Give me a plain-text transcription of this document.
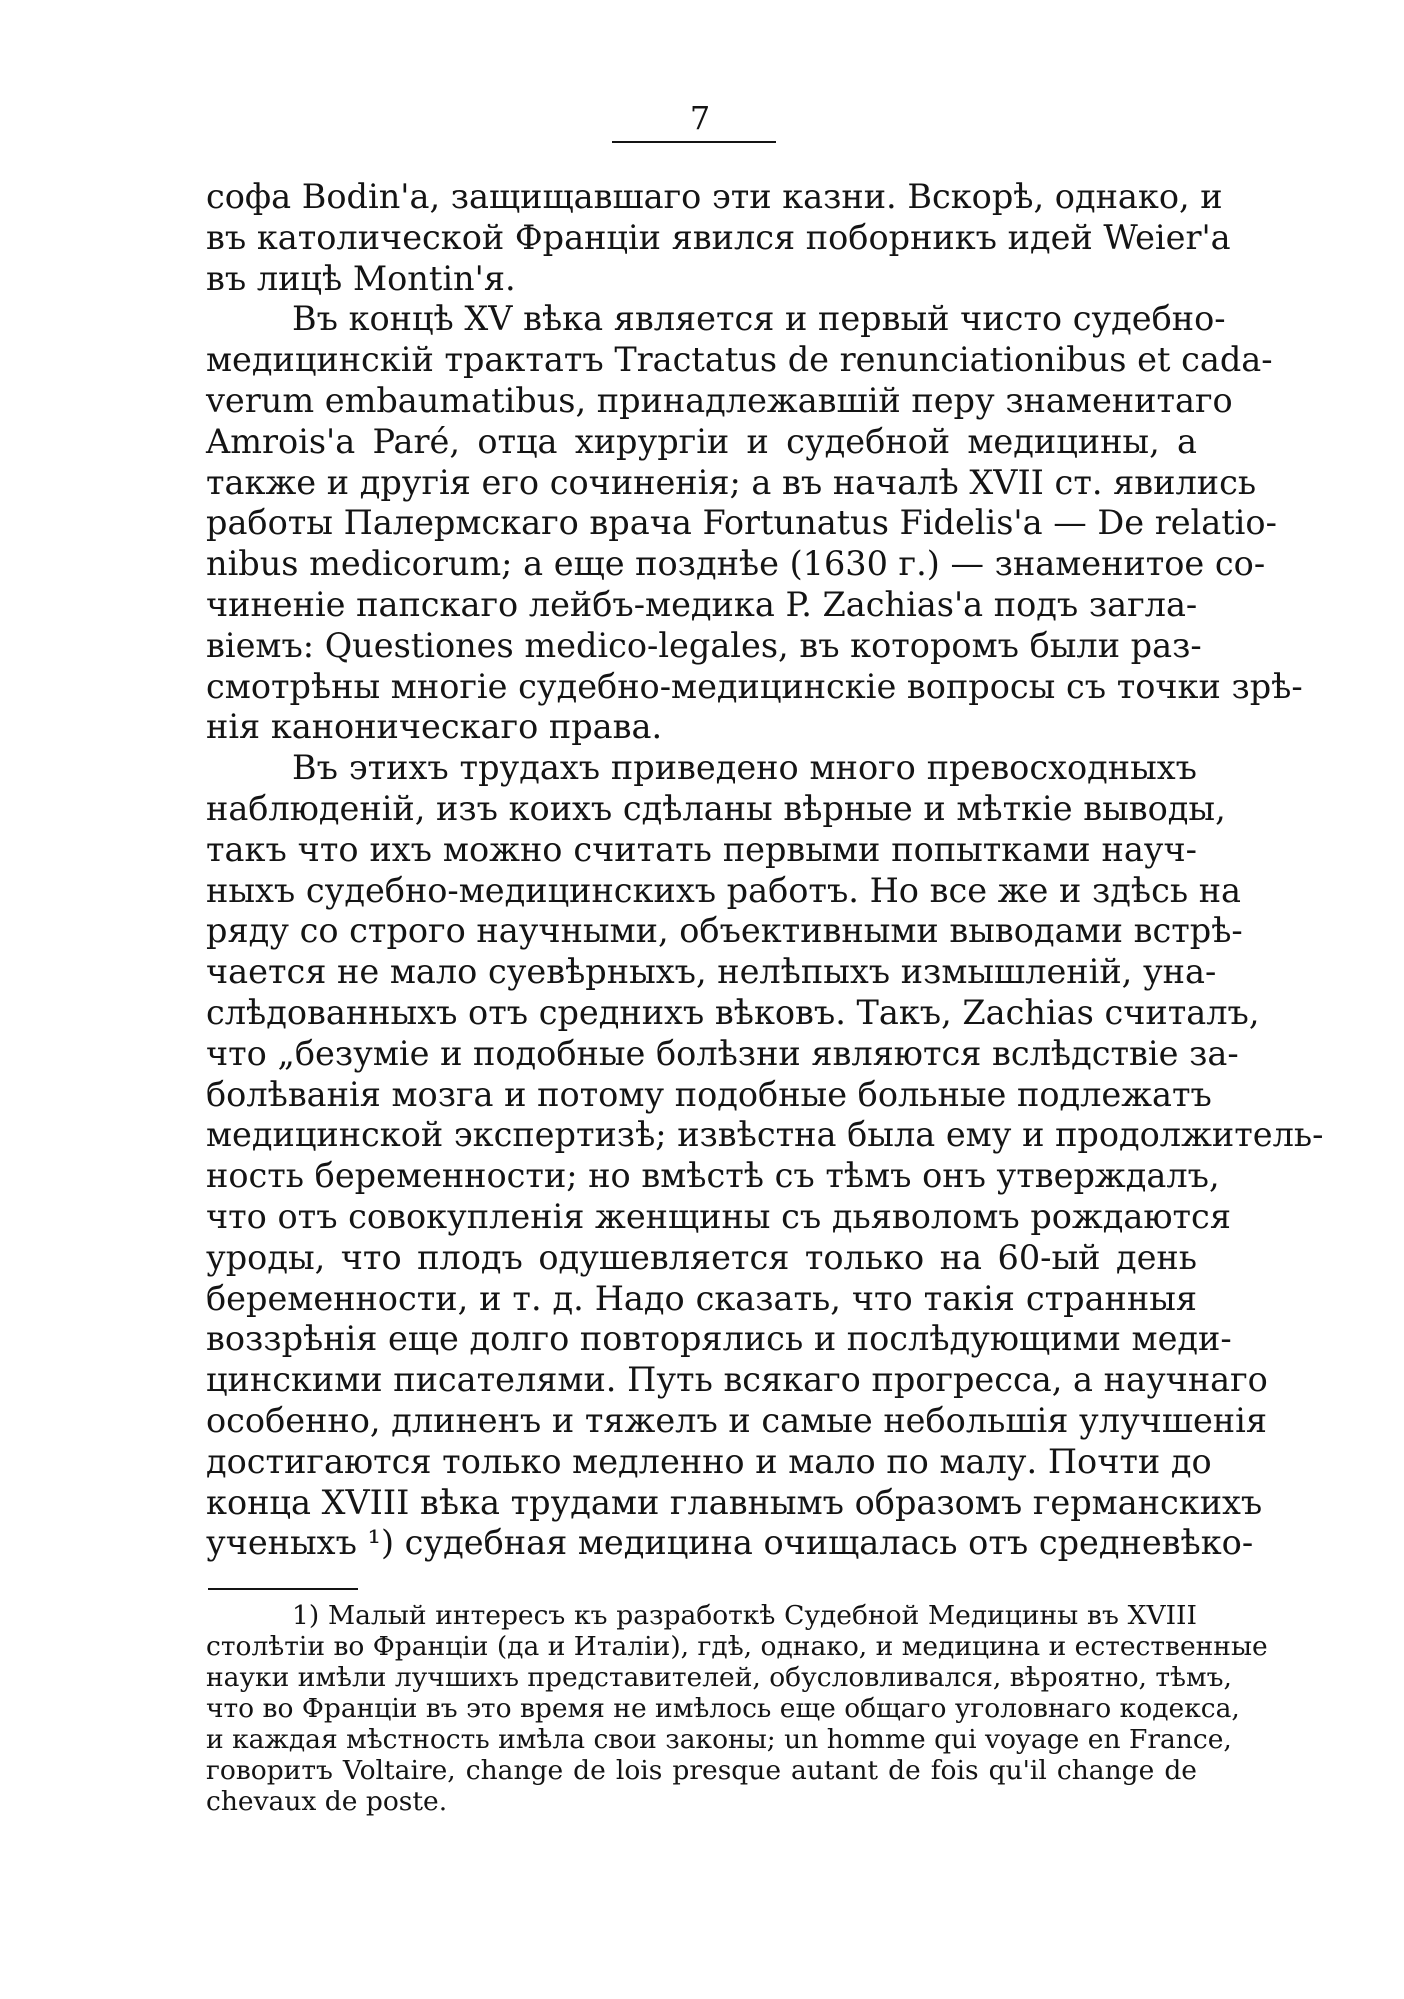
7

софа Bodin'a, защищавшаго эти казни. Вскорѣ, однако, и
въ католической Франціи явился поборникъ идей Weier'a
въ лицѣ Montin'я.

Въ концѣ XV вѣка является и первый чисто судебно-
медицинскій трактатъ Tractatus de renunciationibus et cada-
verum embaumatibus, принадлежавшій перу знаменитаго
Amrois'a Paré, отца хирургіи и судебной медицины, а
также и другія его сочиненія; а въ началѣ XVII ст. явились
работы Палермскаго врача Fortunatus Fidelis'a — De relatio-
nibus medicorum; а еще позднѣе (1630 г.) — знаменитое со-
чиненіе папскаго лейбъ-медика P. Zachias'a подъ заглa-
віемъ: Questiones medico-legales, въ которомъ были раз-
смотрѣны многіе судебно-медицинскіе вопросы съ точки зрѣ-
нія каноническаго права.

Въ этихъ трудахъ приведено много превосходныхъ
наблюденій, изъ коихъ сдѣланы вѣрные и мѣткіе выводы,
такъ что ихъ можно считать первыми попытками науч-
ныхъ судебно-медицинскихъ работъ. Но все же и здѣсь на
ряду со строго научными, объективными выводами встрѣ-
чается не мало суевѣрныхъ, нелѣпыхъ измышленій, уна-
слѣдованныхъ отъ среднихъ вѣковъ. Такъ, Zachias считалъ,
что „безуміе и подобные болѣзни являются вслѣдствіе за-
болѣванія мозга и потому подобные больные подлежатъ
медицинской экспертизѣ; извѣстна была ему и продолжитель-
ность беременности; но вмѣстѣ съ тѣмъ онъ утверждалъ,
что отъ совокупленія женщины съ дьяволомъ рождаются
уроды, что плодъ одушевляется только на 60-ый день
беременности, и т. д. Надо сказать, что такія странныя
воззрѣнія еще долго повторялись и послѣдующими меди-
цинскими писателями. Путь всякаго прогресса, а научнаго
особенно, длиненъ и тяжелъ и самые небольшія улучшенія
достигаются только медленно и мало по малу. Почти до
конца XVIII вѣка трудами главнымъ образомъ германскихъ
ученыхъ ¹) судебная медицина очищалась отъ средневѣко-

1) Малый интересъ къ разработкѣ Судебной Медицины въ XVIII
столѣтіи во Франціи (да и Италіи), гдѣ, однако, и медицина и естественные
науки имѣли лучшихъ представителей, обусловливался, вѣроятно, тѣмъ,
что во Франціи въ это время не имѣлось еще общаго уголовнаго кодекса,
и каждая мѣстность имѣла свои законы; un homme qui voyage en France,
говоритъ Voltaire, change de lois presque autant de fois qu'il change de
chevaux de poste.
